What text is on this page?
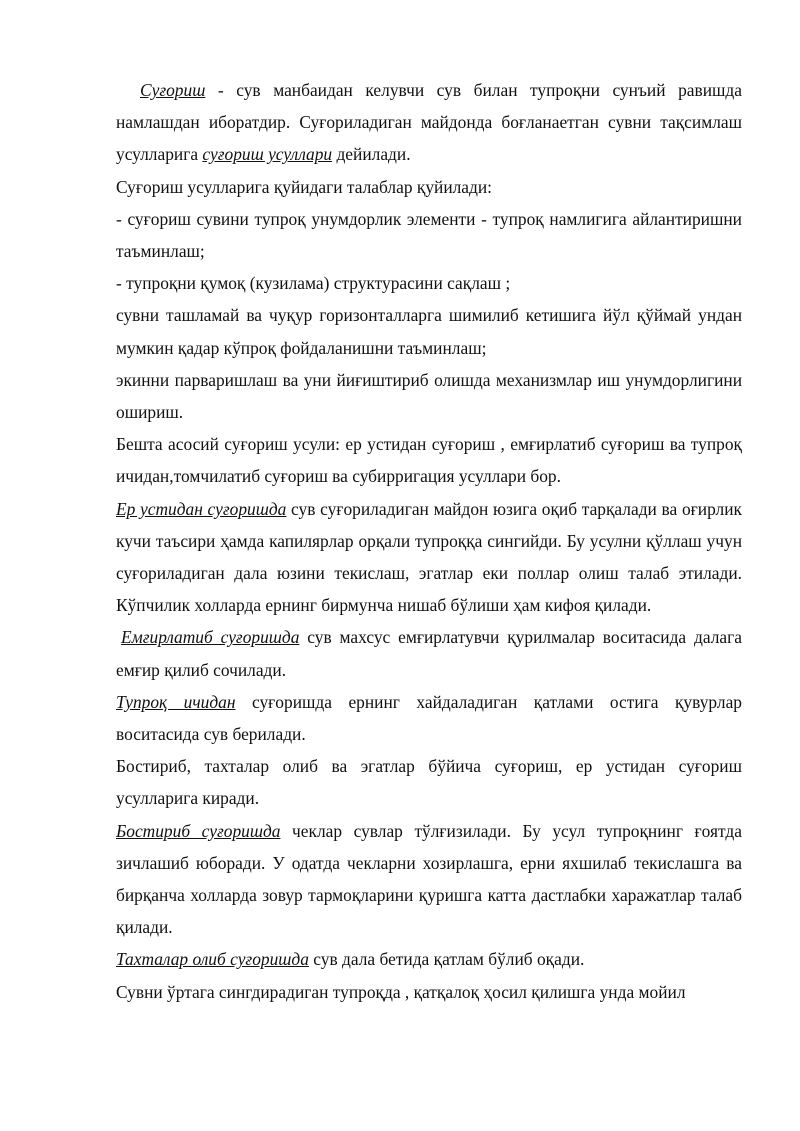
Суғориш - сув манбаидан келувчи сув билан тупроқни сунъий равишда намлашдан иборатдир. Суғориладиган майдонда боғланаетган сувни тақсимлаш усулларига суғориш усуллари дейилади.

Суғориш усулларига қуйидаги талаблар қуйилади:

- суғориш сувини тупроқ унумдорлик элементи - тупроқ намлигига айлантиришни таъминлаш;

- тупроқни қумоқ (кузилама) структурасини сақлаш ;

сувни ташламай ва чуқур горизонталларга шимилиб кетишига йўл қўймай ундан мумкин қадар кўпроқ фойдаланишни таъминлаш;

экинни парваришлаш ва уни йиғиштириб олишда механизмлар иш унумдорлигини ошириш.

Бешта асосий суғориш усули: ер устидан суғориш , емғирлатиб суғориш ва тупроқ ичидан,томчилатиб суғориш ва субирригация усуллари бор.

Ер устидан суғоришда сув суғориладиган майдон юзига оқиб тарқалади ва оғирлик кучи таъсири ҳамда капилярлар орқали тупроққа сингийди. Бу усулни қўллаш учун суғориладиган дала юзини текислаш, эгатлар еки поллар олиш талаб этилади. Кўпчилик холларда ернинг бирмунча нишаб бўлиши ҳам кифоя қилади.

Емғирлатиб суғоришда сув махсус емғирлатувчи қурилмалар воситасида далага емғир қилиб сочилади.

Тупроқ ичидан суғоришда ернинг хайдаладиган қатлами остига қувурлар воситасида сув берилади.

Бостириб, тахталар олиб ва эгатлар бўйича суғориш, ер устидан суғориш усулларига киради.

Бостириб суғоришда чеклар сувлар тўлғизилади. Бу усул тупроқнинг ғоятда зичлашиб юборади. У одатда чекларни хозирлашга, ерни яхшилаб текислашга ва бирқанча холларда зовур тармоқларини қуришга катта дастлабки харажатлар талаб қилади.

Тахталар олиб суғоришда сув дала бетида қатлам бўлиб оқади.

Сувни ўртага сингдирадиган тупроқда , қатқалоқ ҳосил қилишга унда мойил
